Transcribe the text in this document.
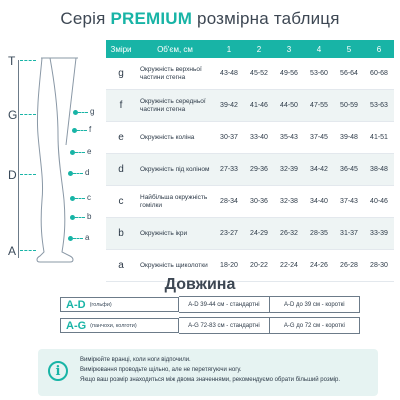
Серія PREMIUM розмірна таблиця
T
G
D
A
g
f
e
d
c
b
a
Зміри	Об'єм, см	1	2	3	4	5	6
g	Окружність верхньої частини стегна	43-48	45-52	49-56	53-60	56-64	60-68
f	Окружність середньої частини стегна	39-42	41-46	44-50	47-55	50-59	53-63
e	Окружність коліна	30-37	33-40	35-43	37-45	39-48	41-51
d	Окружність під коліном	27-33	29-36	32-39	34-42	36-45	38-48
c	Найбільша окружність гомілки	28-34	30-36	32-38	34-40	37-43	40-46
b	Окружність ікри	23-27	24-29	26-32	28-35	31-37	33-39
a	Окружність щиколотки	18-20	20-22	22-24	24-26	26-28	28-30
Довжина
A-D (гольфи)	A-D 39-44 см - стандартні	A-D до 39 см - короткі
A-G (панчохи, колготи)	A-G 72-83 см - стандартні	A-G до 72 см - короткі
i
Вимірюйте вранці, коли ноги відпочили.
Вимірювання проводьте щільно, але не перетягуючи ногу.
Якщо ваш розмір знаходиться між двома значеннями, рекомендуємо обрати більший розмір.
